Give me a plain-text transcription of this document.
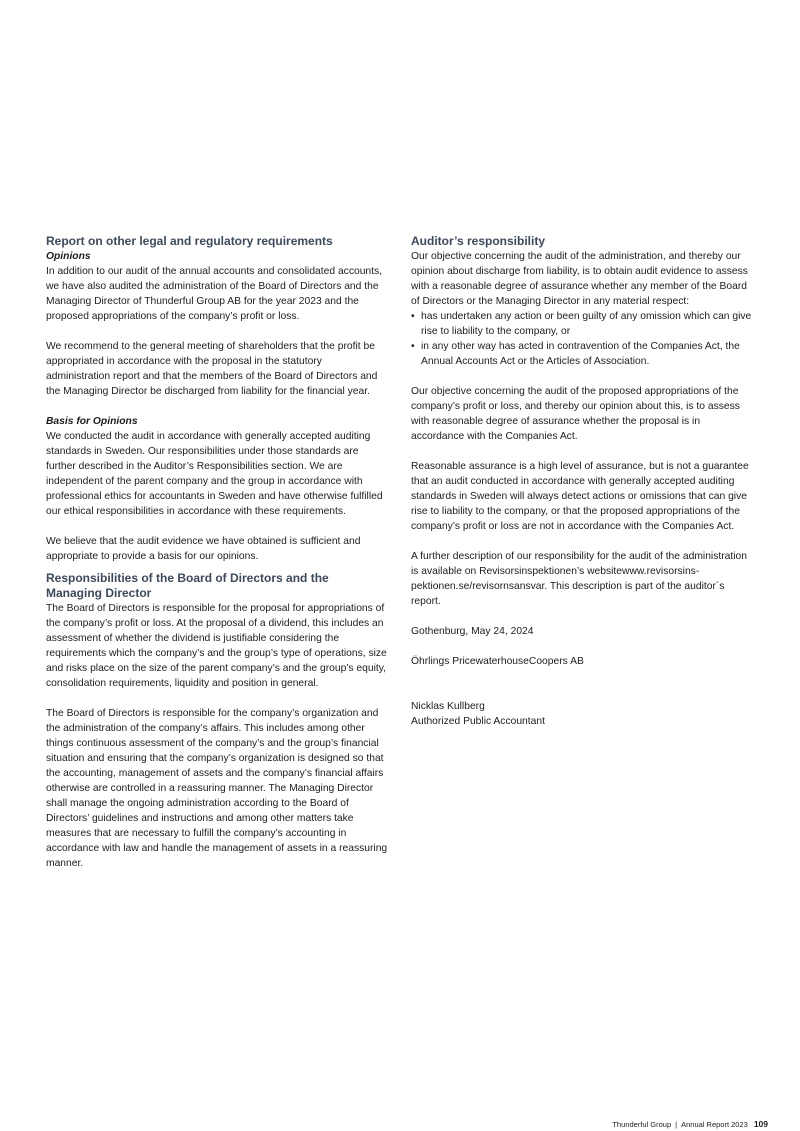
Report on other legal and regulatory requirements

Opinions

In addition to our audit of the annual accounts and consolidated accounts, we have also audited the administration of the Board of Directors and the Managing Director of Thunderful Group AB for the year 2023 and the proposed appropriations of the company’s profit or loss.

We recommend to the general meeting of shareholders that the profit be appropriated in accordance with the proposal in the statutory administration report and that the members of the Board of Directors and the Managing Director be discharged from liability for the financial year.

Basis for Opinions

We conducted the audit in accordance with generally accepted auditing standards in Sweden. Our responsibilities under those standards are further described in the Auditor’s Responsibilities section. We are independent of the parent company and the group in accordance with professional ethics for accountants in Sweden and have otherwise fulfilled our ethical responsibilities in accordance with these requirements.

We believe that the audit evidence we have obtained is sufficient and appropriate to provide a basis for our opinions.

Responsibilities of the Board of Directors and the Managing Director

The Board of Directors is responsible for the proposal for appropriations of the company’s profit or loss. At the proposal of a dividend, this includes an assessment of whether the dividend is justifiable considering the requirements which the company’s and the group’s type of operations, size and risks place on the size of the parent company’s and the group’s equity, consolidation requirements, liquidity and position in general.

The Board of Directors is responsible for the company’s organization and the administration of the company’s affairs. This includes among other things continuous assessment of the company’s and the group’s financial situation and ensuring that the company’s organization is designed so that the accounting, management of assets and the company’s financial affairs otherwise are controlled in a reassuring manner. The Managing Director shall manage the ongoing administration according to the Board of Directors’ guidelines and instructions and among other matters take measures that are necessary to fulfill the company’s accounting in accordance with law and handle the management of assets in a reassuring manner.

Auditor’s responsibility

Our objective concerning the audit of the administration, and thereby our opinion about discharge from liability, is to obtain audit evidence to assess with a reasonable degree of assurance whether any member of the Board of Directors or the Managing Director in any material respect:

• has undertaken any action or been guilty of any omission which can give rise to liability to the company, or
• in any other way has acted in contravention of the Companies Act, the Annual Accounts Act or the Articles of Association.

Our objective concerning the audit of the proposed appropriations of the company’s profit or loss, and thereby our opinion about this, is to assess with reasonable degree of assurance whether the proposal is in accordance with the Companies Act.

Reasonable assurance is a high level of assurance, but is not a guarantee that an audit conducted in accordance with generally accepted auditing standards in Sweden will always detect actions or omissions that can give rise to liability to the company, or that the proposed appropriations of the company’s profit or loss are not in accordance with the Companies Act.

A further description of our responsibility for the audit of the administration is available on Revisorsinspektionen’s websitewww.revisorsinspektionen.se/revisornsansvar. This description is part of the auditor´s report.

Gothenburg, May 24, 2024

Öhrlings PricewaterhouseCoopers AB

Nicklas Kullberg

Authorized Public Accountant

Thunderful Group | Annual Report 2023 109
